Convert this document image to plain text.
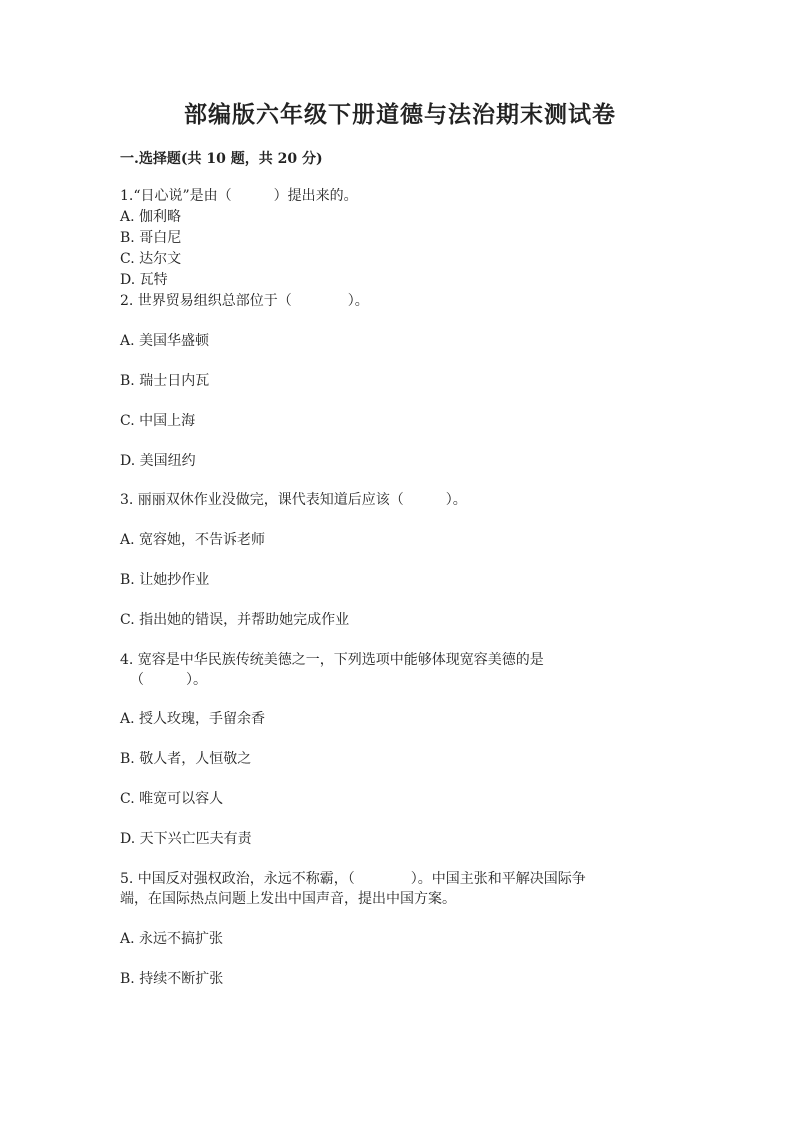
部编版六年级下册道德与法治期末测试卷
一.选择题(共 10 题，共 20 分)
1.“日心说”是由（　　　）提出来的。
A. 伽利略
B. 哥白尼
C. 达尔文
D. 瓦特
2. 世界贸易组织总部位于（　　　　）。
A. 美国华盛顿
B. 瑞士日内瓦
C. 中国上海
D. 美国纽约
3. 丽丽双休作业没做完，课代表知道后应该（　　　）。
A. 宽容她，不告诉老师
B. 让她抄作业
C. 指出她的错误，并帮助她完成作业
4. 宽容是中华民族传统美德之一，下列选项中能够体现宽容美德的是
（　　　）。
A. 授人玫瑰，手留余香
B. 敬人者，人恒敬之
C. 唯宽可以容人
D. 天下兴亡匹夫有责
5. 中国反对强权政治，永远不称霸，（　　　　）。中国主张和平解决国际争
端，在国际热点问题上发出中国声音，提出中国方案。
A. 永远不搞扩张
B. 持续不断扩张
